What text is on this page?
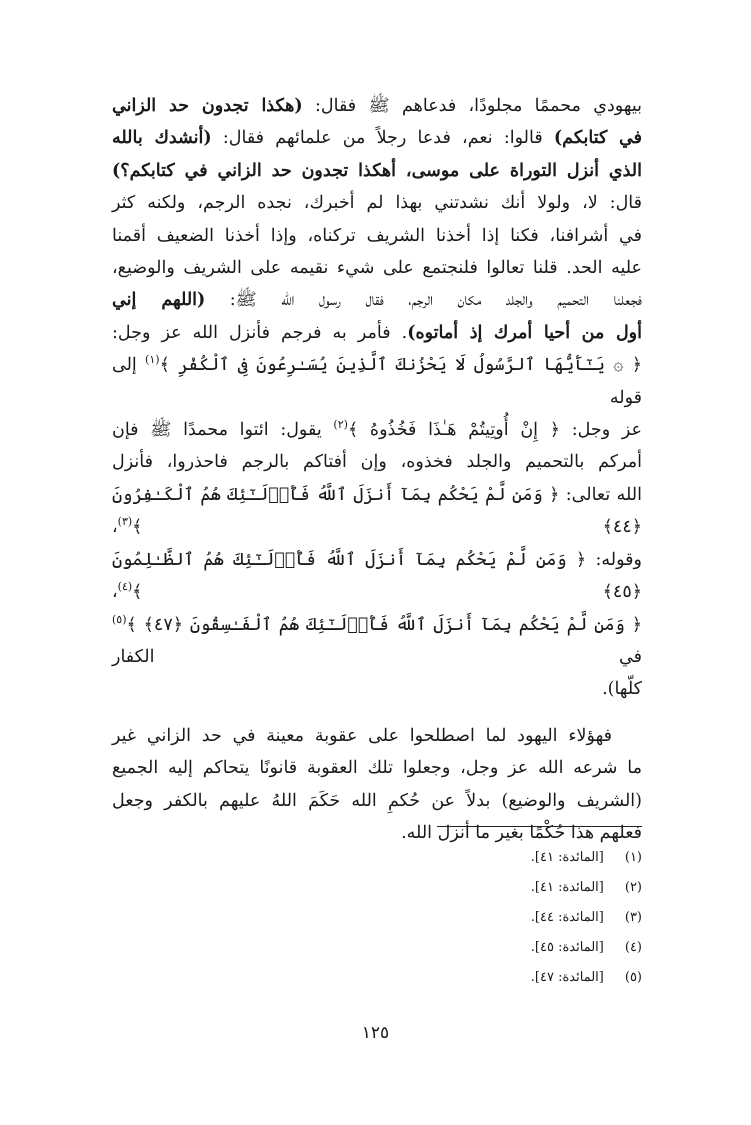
بيهودي محممًا مجلودًا، فدعاهم ﷺ فقال: (هكذا تجدون حد الزاني

في كتابكم) قالوا: نعم، فدعا رجلاً من علمائهم فقال: (أنشدك بالله

الذي أنزل التوراة على موسى، أهكذا تجدون حد الزاني في كتابكم؟)

قال: لا، ولولا أنك نشدتني بهذا لم أخبرك، نجده الرجم، ولكنه كثر

في أشرافنا، فكنا إذا أخذنا الشريف تركناه، وإذا أخذنا الضعيف أقمنا

عليه الحد. قلنا تعالوا فلنجتمع على شيء نقيمه على الشريف والوضيع،

فجعلنا التحميم والجلد مكان الرجم، فقال رسول الله ﷺ: (اللهم إني

أول من أحيا أمرك إذ أماتوه). فأمر به فرجم فأنزل الله عز وجل:

﴿ ۞ يَـٰٓأَيُّهَا ٱلرَّسُولُ لَا يَحْزُنكَ ٱلَّذِينَ يُسَـٰرِعُونَ فِى ٱلْكُفْرِ ﴾$^{(١)}$ إلى قوله

عز وجل: ﴿ إِنْ أُوتِيتُمْ هَـٰذَا فَخُذُوهُ ﴾$^{(٢)}$ يقول: ائتوا محمدًا ﷺ فإن

أمركم بالتحميم والجلد فخذوه، وإن أفتاكم بالرجم فاحذروا، فأنزل

الله تعالى: ﴿ وَمَن لَّمْ يَحْكُم بِمَآ أَنزَلَ ٱللَّهُ فَأُو۟لَـٰٓئِكَ هُمُ ٱلْكَـٰفِرُونَ ﴿٤٤﴾ ﴾$^{(٣)}$،

وقوله: ﴿ وَمَن لَّمْ يَحْكُم بِمَآ أَنزَلَ ٱللَّهُ فَأُو۟لَـٰٓئِكَ هُمُ ٱلظَّـٰلِمُونَ ﴿٤٥﴾ ﴾$^{(٤)}$،

﴿ وَمَن لَّمْ يَحْكُم بِمَآ أَنزَلَ ٱللَّهُ فَأُو۟لَـٰٓئِكَ هُمُ ٱلْفَـٰسِقُونَ ﴿٤٧﴾ ﴾$^{(٥)}$ في الكفار

كلّها).

فهؤلاء اليهود لما اصطلحوا على عقوبة معينة في حد الزاني غير

ما شرعه الله عز وجل، وجعلوا تلك العقوبة قانونًا يتحاكم إليه الجميع

(الشريف والوضيع) بدلاً عن حُكمِ الله حَكَمَ اللهُ عليهم بالكفر وجعل

فعلهم هذا حُكْمًا بغير ما أنزل الله.

(١) [المائدة: ٤١].
(٢) [المائدة: ٤١].
(٣) [المائدة: ٤٤].
(٤) [المائدة: ٤٥].
(٥) [المائدة: ٤٧].
١٢٥
